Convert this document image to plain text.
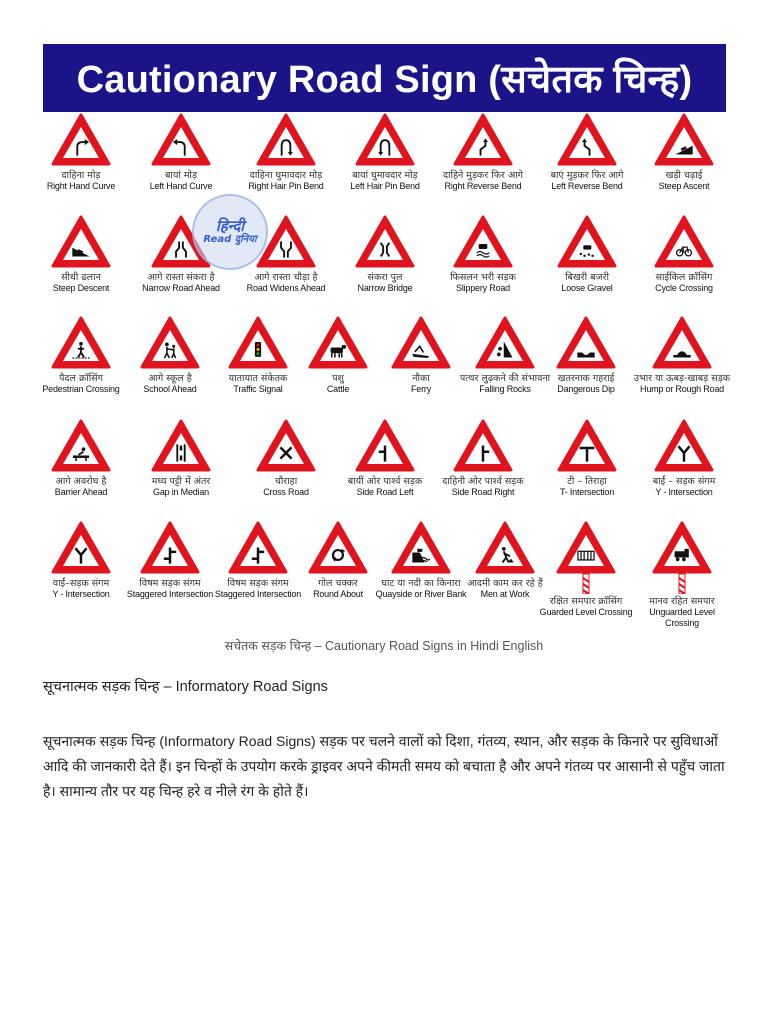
Cautionary Road Sign (सचेतक चिन्ह)
दाहिना मोड़
Right Hand Curve
बायां मोड़
Left Hand Curve
दाहिना घुमावदार मोड़
Right Hair Pin Bend
बायां घुमावदार मोड़
Left Hair Pin Bend
दाहिने मुड़कर फिर आगे
Right Reverse Bend
बाएं मुड़कर फिर आगे
Left Reverse Bend
खड़ी चढ़ाई
Steep Ascent
सीधी ढलान
Steep Descent
आगे रास्ता संकरा है
Narrow Road Ahead
आगे रास्ता चौड़ा है
Road Widens Ahead
संकरा पुल
Narrow Bridge
फिसलन भरी सड़क
Slippery Road
बिखरी बजरी
Loose Gravel
साईकिल क्रॉसिंग
Cycle Crossing
पैदल क्रॉसिंग
Pedestrian Crossing
आगे स्कूल है
School Ahead
यातायात संकेतक
Traffic Signal
पशु
Cattle
नौका
Ferry
पत्थर लुढ़कने की संभावना
Falling Rocks
खतरनाक गहराई
Dangerous Dip
उभार या ऊबड़-खाबड़ सड़क
Hump or Rough Road
आगे अवरोध है
Barrier Ahead
मध्य पट्टी में अंतर
Gap in Median
चौराहा
Cross Road
बायीं ओर पार्श्व सड़क
Side Road Left
दाहिनी ओर पार्श्व सड़क
Side Road Right
टी – तिराहा
T- Intersection
बाईं – सड़क संगम
Y - Intersection
वाईं–सड़क संगम
Y - Intersection
विषम सड़क संगम
Staggered Intersection
विषम सड़क संगम
Staggered Intersection
गोल चक्कर
Round About
घाट या नदी का किनारा
Quayside or River Bank
आदमी काम कर रहे हैं
Men at Work
रक्षित समपार क्रॉसिंग
Guarded Level Crossing
मानव रहित समपार
Unguarded Level Crossing
हिन्दी
Read दुनिया
सचेतक सड़क चिन्ह – Cautionary Road Signs in Hindi English
सूचनात्मक सड़क चिन्ह – Informatory Road Signs
सूचनात्मक सड़क चिन्ह (Informatory Road Signs) सड़क पर चलने वालों को दिशा, गंतव्य, स्थान, और सड़क के किनारे पर सुविधाओं आदि की जानकारी देते हैं। इन चिन्हों के उपयोग करके ड्राइवर अपने कीमती समय को बचाता है और अपने गंतव्य पर आसानी से पहुँच जाता है। सामान्य तौर पर यह चिन्ह हरे व नीले रंग के होते हैं।
